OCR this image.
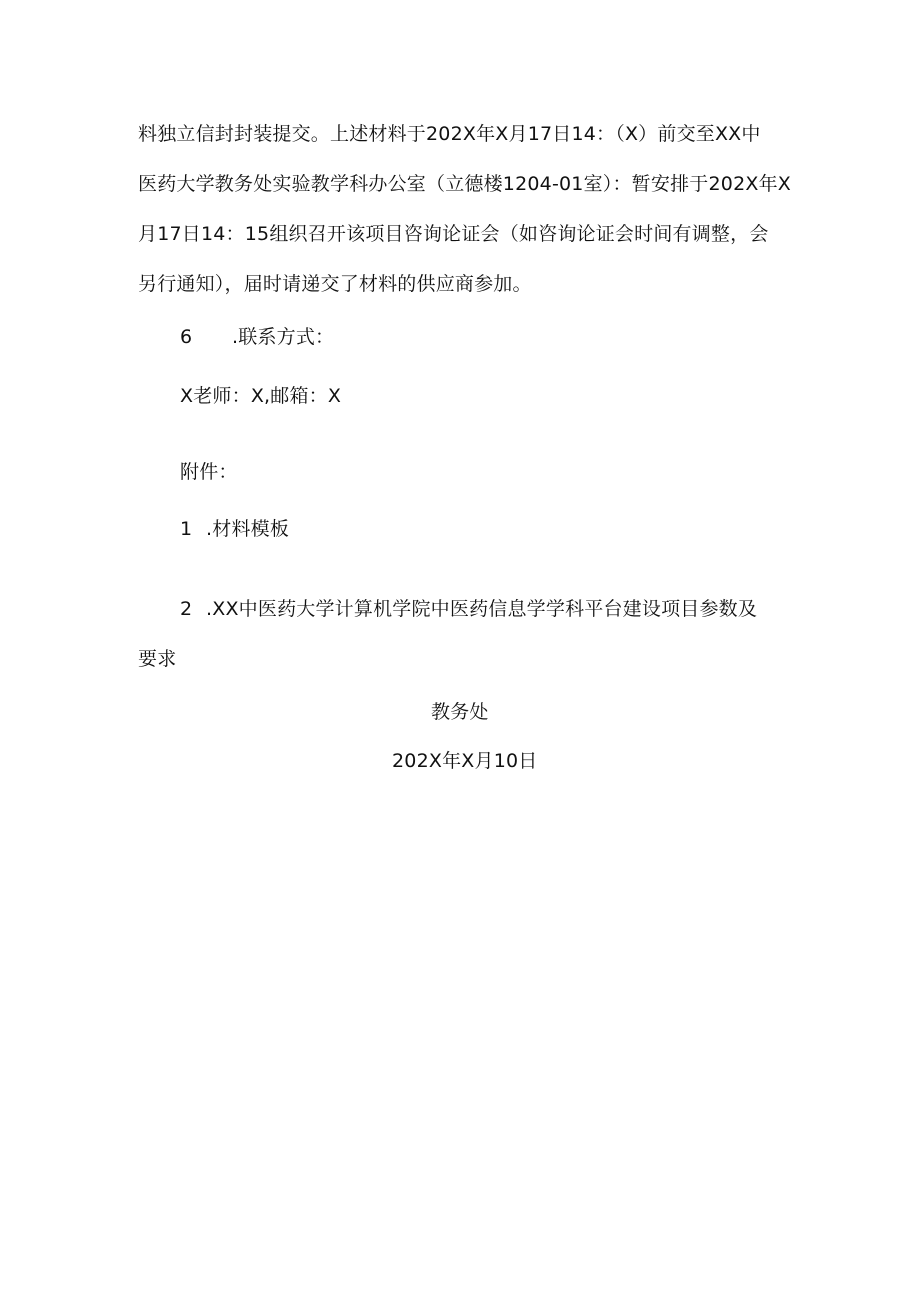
料独立信封封装提交。上述材料于202X年X月17日14：（X）前交至XX中
医药大学教务处实验教学科办公室（立德楼1204-01室）：暂安排于202X年X
月17日14：15组织召开该项目咨询论证会（如咨询论证会时间有调整，会
另行通知），届时请递交了材料的供应商参加。
6 .联系方式：
X老师：X,邮箱：X
附件：
1 .材料模板
2 .XX中医药大学计算机学院中医药信息学学科平台建设项目参数及
要求
教务处
202X年X月10日
